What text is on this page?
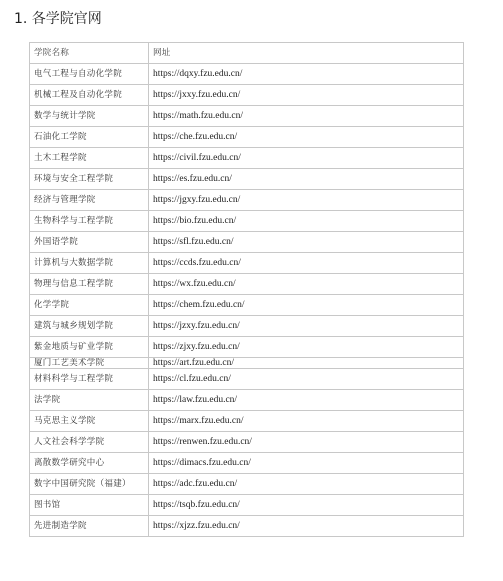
1. 各学院官网
学院名称	网址
电气工程与自动化学院	https://dqxy.fzu.edu.cn/
机械工程及自动化学院	https://jxxy.fzu.edu.cn/
数学与统计学院	https://math.fzu.edu.cn/
石油化工学院	https://che.fzu.edu.cn/
土木工程学院	https://civil.fzu.edu.cn/
环境与安全工程学院	https://es.fzu.edu.cn/
经济与管理学院	https://jgxy.fzu.edu.cn/
生物科学与工程学院	https://bio.fzu.edu.cn/
外国语学院	https://sfl.fzu.edu.cn/
计算机与大数据学院	https://ccds.fzu.edu.cn/
物理与信息工程学院	https://wx.fzu.edu.cn/
化学学院	https://chem.fzu.edu.cn/
建筑与城乡规划学院	https://jzxy.fzu.edu.cn/
紫金地质与矿业学院	https://zjxy.fzu.edu.cn/
厦门工艺美术学院	https://art.fzu.edu.cn/
材料科学与工程学院	https://cl.fzu.edu.cn/
法学院	https://law.fzu.edu.cn/
马克思主义学院	https://marx.fzu.edu.cn/
人文社会科学学院	https://renwen.fzu.edu.cn/
离散数学研究中心	https://dimacs.fzu.edu.cn/
数字中国研究院（福建）	https://adc.fzu.edu.cn/
图书馆	https://tsqb.fzu.edu.cn/
先进制造学院	https://xjzz.fzu.edu.cn/
